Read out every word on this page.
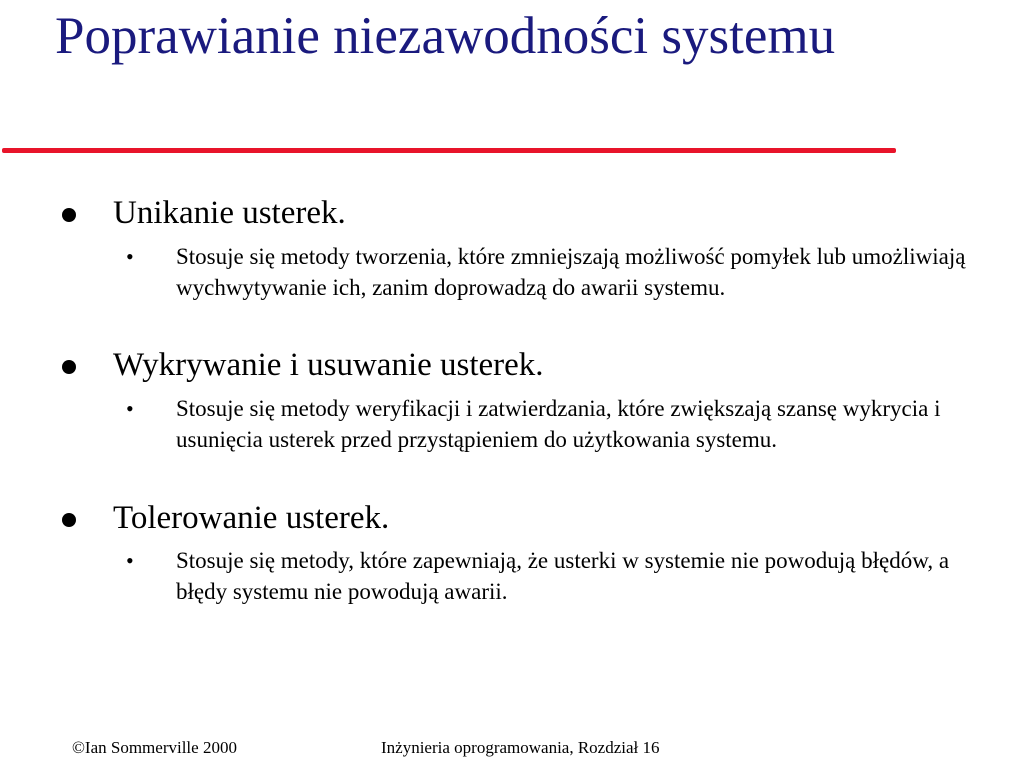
Poprawianie niezawodności systemu
Unikanie usterek.
• Stosuje się metody tworzenia, które zmniejszają możliwość pomyłek lub umożliwiają wychwytywanie ich, zanim doprowadzą do awarii systemu.
Wykrywanie i usuwanie usterek.
• Stosuje się metody weryfikacji i zatwierdzania, które zwiększają szansę wykrycia i usunięcia usterek przed przystąpieniem do użytkowania systemu.
Tolerowanie usterek.
• Stosuje się metody, które zapewniają, że usterki w systemie nie powodują błędów, a błędy systemu nie powodują awarii.
©Ian Sommerville 2000	Inżynieria oprogramowania, Rozdział 16
